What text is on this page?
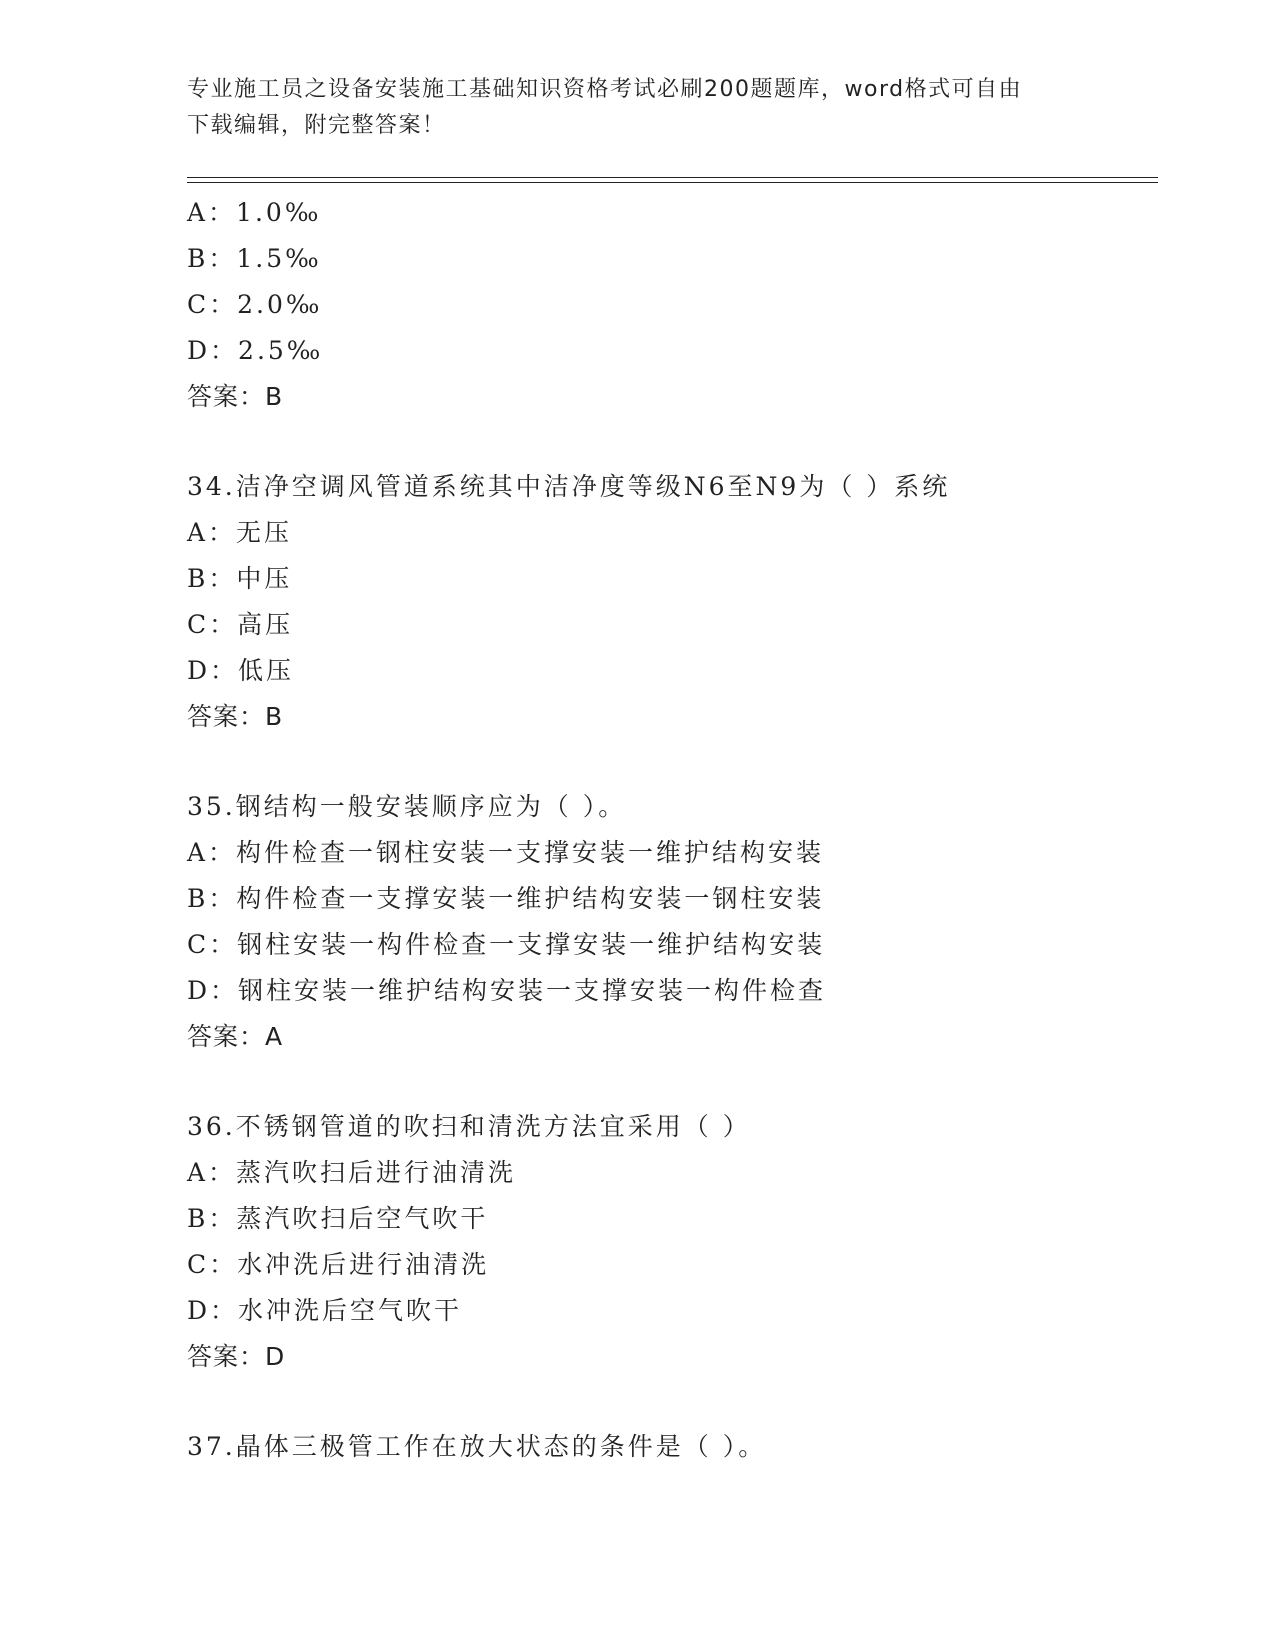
专业施工员之设备安装施工基础知识资格考试必刷200题题库，word格式可自由
下载编辑，附完整答案！
A：1.0‰
B：1.5‰
C：2.0‰
D：2.5‰
答案：B
34.洁净空调风管道系统其中洁净度等级N6至N9为（ ）系统
A：无压
B：中压
C：高压
D：低压
答案：B
35.钢结构一般安装顺序应为（ ）。
A：构件检查一钢柱安装一支撑安装一维护结构安装
B：构件检查一支撑安装一维护结构安装一钢柱安装
C：钢柱安装一构件检查一支撑安装一维护结构安装
D：钢柱安装一维护结构安装一支撑安装一构件检查
答案：A
36.不锈钢管道的吹扫和清洗方法宜采用（ ）
A：蒸汽吹扫后进行油清洗
B：蒸汽吹扫后空气吹干
C：水冲洗后进行油清洗
D：水冲洗后空气吹干
答案：D
37.晶体三极管工作在放大状态的条件是（ ）。
